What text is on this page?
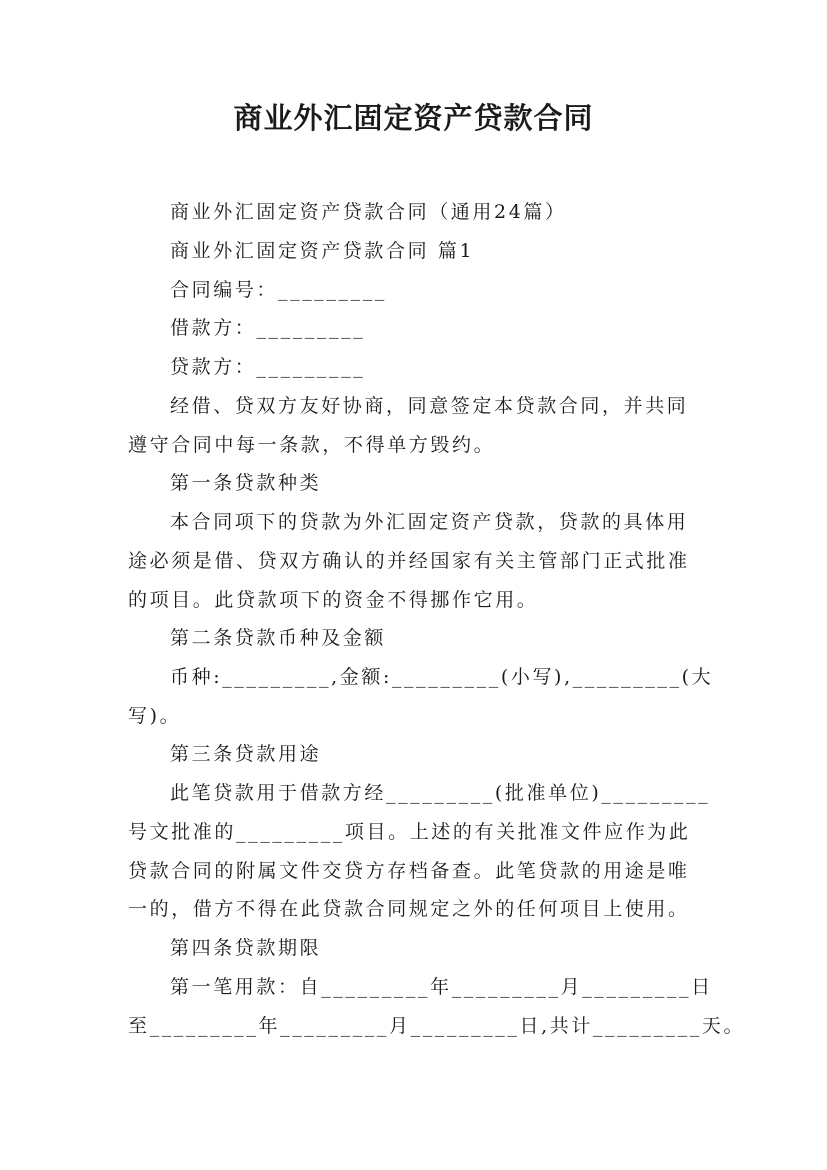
商业外汇固定资产贷款合同
商业外汇固定资产贷款合同（通用24篇）
商业外汇固定资产贷款合同 篇1
合同编号：_________
借款方：_________
贷款方：_________
经借、贷双方友好协商，同意签定本贷款合同，并共同
遵守合同中每一条款，不得单方毁约。
第一条贷款种类
本合同项下的贷款为外汇固定资产贷款，贷款的具体用
途必须是借、贷双方确认的并经国家有关主管部门正式批准
的项目。此贷款项下的资金不得挪作它用。
第二条贷款币种及金额
币种:_________,金额:_________(小写),_________(大
写)。
第三条贷款用途
此笔贷款用于借款方经_________(批准单位)_________
号文批准的_________项目。上述的有关批准文件应作为此
贷款合同的附属文件交贷方存档备查。此笔贷款的用途是唯
一的，借方不得在此贷款合同规定之外的任何项目上使用。
第四条贷款期限
第一笔用款：自_________年_________月_________日
至_________年_________月_________日,共计_________天。
